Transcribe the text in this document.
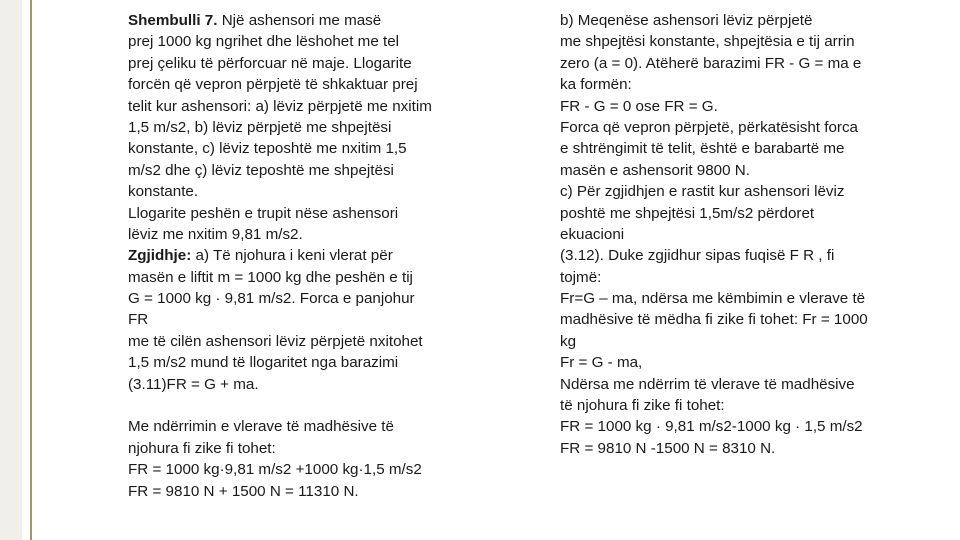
Shembulli 7. Një ashensori me masë
prej 1000 kg ngrihet dhe lëshohet me tel
prej çeliku të përforcuar në maje. Llogarite
forcën që vepron përpjetë të shkaktuar prej
telit kur ashensori: a) lëviz përpjetë me nxitim
1,5 m/s2, b) lëviz përpjetë me shpejtësi
konstante, c) lëviz teposhtë me nxitim 1,5
m/s2 dhe ç) lëviz teposhtë me shpejtësi
konstante.
Llogarite peshën e trupit nëse ashensori
lëviz me nxitim 9,81 m/s2.
Zgjidhje: a) Të njohura i keni vlerat për
masën e liftit m = 1000 kg dhe peshën e tij
G = 1000 kg · 9,81 m/s2. Forca e panjohur
FR
me të cilën ashensori lëviz përpjetë nxitohet
1,5 m/s2 mund të llogaritet nga barazimi
(3.11)FR = G + ma.
Me ndërrimin e vlerave të madhësive të
njohura fi zike fi tohet:
FR = 1000 kg·9,81 m/s2 +1000 kg·1,5 m/s2
FR = 9810 N + 1500 N = 11310 N.
b) Meqenëse ashensori lëviz përpjetë
me shpejtësi konstante, shpejtësia e tij arrin
zero (a = 0). Atëherë barazimi FR - G = ma e
ka formën:
FR - G = 0 ose FR = G.
Forca që vepron përpjetë, përkatësisht forca
e shtrëngimit të telit, është e barabartë me
masën e ashensorit 9800 N.
c) Për zgjidhjen e rastit kur ashensori lëviz
poshtë me shpejtësi 1,5m/s2 përdoret
ekuacioni
(3.12). Duke zgjidhur sipas fuqisë F R , fi
tojmë:
Fr=G – ma, ndërsa me këmbimin e vlerave të
madhësive të mëdha fi zike fi tohet: Fr = 1000
kg
Fr = G - ma,
Ndërsa me ndërrim të vlerave të madhësive
të njohura fi zike fi tohet:
FR = 1000 kg · 9,81 m/s2-1000 kg · 1,5 m/s2
FR = 9810 N -1500 N = 8310 N.
